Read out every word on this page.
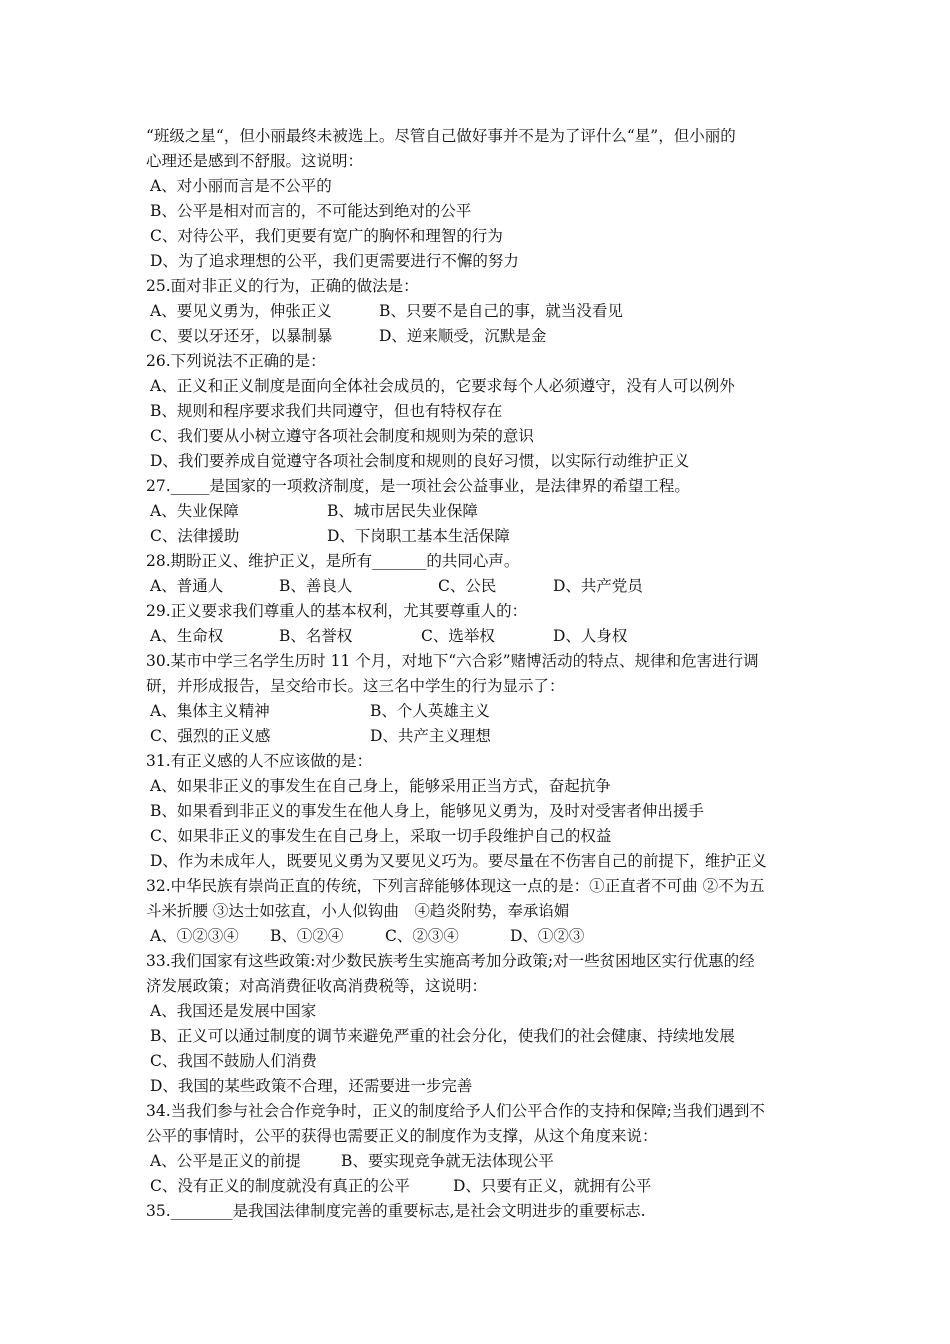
“班级之星“，但小丽最终未被选上。尽管自己做好事并不是为了评什么“星”，但小丽的
心理还是感到不舒服。这说明：
A、对小丽而言是不公平的
B、公平是相对而言的，不可能达到绝对的公平
C、对待公平，我们更要有宽广的胸怀和理智的行为
D、为了追求理想的公平，我们更需要进行不懈的努力
25.面对非正义的行为，正确的做法是：
A、要见义勇为，伸张正义	B、只要不是自己的事，就当没看见
C、要以牙还牙，以暴制暴	D、逆来顺受，沉默是金
26.下列说法不正确的是：
A、正义和正义制度是面向全体社会成员的，它要求每个人必须遵守，没有人可以例外
B、规则和程序要求我们共同遵守，但也有特权存在
C、我们要从小树立遵守各项社会制度和规则为荣的意识
D、我们要养成自觉遵守各项社会制度和规则的良好习惯，以实际行动维护正义
27._____是国家的一项救济制度，是一项社会公益事业，是法律界的希望工程。
A、失业保障	B、城市居民失业保障
C、法律援助	D、下岗职工基本生活保障
28.期盼正义、维护正义，是所有_______的共同心声。
A、普通人	B、善良人	C、公民	D、共产党员
29.正义要求我们尊重人的基本权利，尤其要尊重人的：
A、生命权	B、名誉权	C、选举权	D、人身权
30.某市中学三名学生历时 11 个月，对地下“六合彩”赌博活动的特点、规律和危害进行调
研，并形成报告，呈交给市长。这三名中学生的行为显示了：
A、集体主义精神	B、个人英雄主义
C、强烈的正义感	D、共产主义理想
31.有正义感的人不应该做的是：
A、如果非正义的事发生在自己身上，能够采用正当方式，奋起抗争
B、如果看到非正义的事发生在他人身上，能够见义勇为，及时对受害者伸出援手
C、如果非正义的事发生在自己身上，采取一切手段维护自己的权益
D、作为未成年人，既要见义勇为又要见义巧为。要尽量在不伤害自己的前提下，维护正义
32.中华民族有崇尚正直的传统，下列言辞能够体现这一点的是：①正直者不可曲 ②不为五
斗米折腰 ③达士如弦直，小人似钩曲　④趋炎附势，奉承谄媚
A、①②③④ B、①②④	C、②③④	D、①②③
33.我们国家有这些政策:对少数民族考生实施高考加分政策;对一些贫困地区实行优惠的经
济发展政策；对高消费征收高消费税等，这说明：
A、我国还是发展中国家
B、正义可以通过制度的调节来避免严重的社会分化，使我们的社会健康、持续地发展
C、我国不鼓励人们消费
D、我国的某些政策不合理，还需要进一步完善
34.当我们参与社会合作竞争时，正义的制度给予人们公平合作的支持和保障;当我们遇到不
公平的事情时，公平的获得也需要正义的制度作为支撑，从这个角度来说：
A、公平是正义的前提	B、要实现竞争就无法体现公平
C、没有正义的制度就没有真正的公平	D、只要有正义，就拥有公平
35.________是我国法律制度完善的重要标志,是社会文明进步的重要标志.
